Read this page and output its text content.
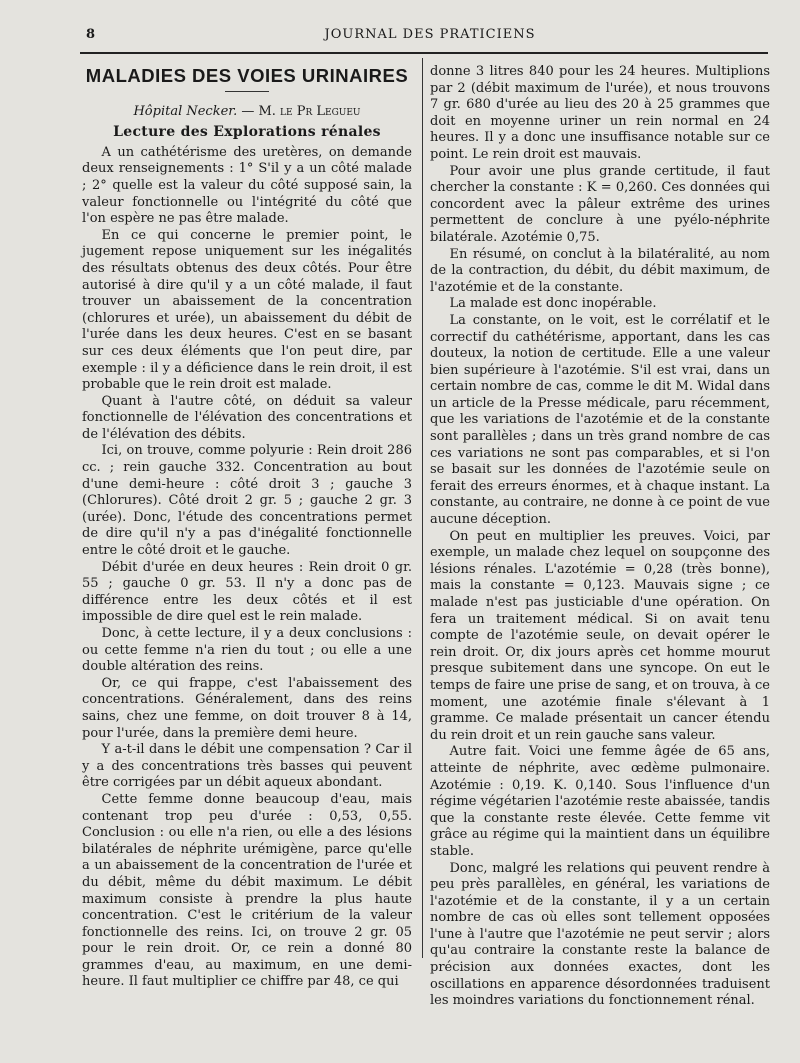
8	JOURNAL DES PRATICIENS
MALADIES DES VOIES URINAIRES
Hôpital Necker. — M. le Pr Legueu
Lecture des Explorations rénales

A un cathétérisme des uretères, on demande deux renseignements : 1° S'il y a un côté malade ; 2° quelle est la valeur du côté supposé sain, la valeur fonctionnelle ou l'intégrité du côté que l'on espère ne pas être malade.

En ce qui concerne le premier point, le jugement repose uniquement sur les inégalités des résultats obtenus des deux côtés. Pour être autorisé à dire qu'il y a un côté malade, il faut trouver un abaissement de la concentration (chlorures et urée), un abaissement du débit de l'urée dans les deux heures. C'est en se basant sur ces deux éléments que l'on peut dire, par exemple : il y a déficience dans le rein droit, il est probable que le rein droit est malade.

Quant à l'autre côté, on déduit sa valeur fonctionnelle de l'élévation des concentrations et de l'élévation des débits.

Ici, on trouve, comme polyurie : Rein droit 286 cc. ; rein gauche 332. Concentration au bout d'une demi-heure : côté droit 3 ; gauche 3 (Chlorures). Côté droit 2 gr. 5 ; gauche 2 gr. 3 (urée). Donc, l'étude des concentrations permet de dire qu'il n'y a pas d'inégalité fonctionnelle entre le côté droit et le gauche.

Débit d'urée en deux heures : Rein droit 0 gr. 55 ; gauche 0 gr. 53. Il n'y a donc pas de différence entre les deux côtés et il est impossible de dire quel est le rein malade.

Donc, à cette lecture, il y a deux conclusions : ou cette femme n'a rien du tout ; ou elle a une double altération des reins.

Or, ce qui frappe, c'est l'abaissement des concentrations. Généralement, dans des reins sains, chez une femme, on doit trouver 8 à 14, pour l'urée, dans la première demi heure.

Y a-t-il dans le débit une compensation ? Car il y a des concentrations très basses qui peuvent être corrigées par un débit aqueux abondant.

Cette femme donne beaucoup d'eau, mais contenant trop peu d'urée : 0,53, 0,55. Conclusion : ou elle n'a rien, ou elle a des lésions bilatérales de néphrite urémigène, parce qu'elle a un abaissement de la concentration de l'urée et du débit, même du débit maximum. Le débit maximum consiste à prendre la plus haute concentration. C'est le critérium de la valeur fonctionnelle des reins. Ici, on trouve 2 gr. 05 pour le rein droit. Or, ce rein a donné 80 grammes d'eau, au maximum, en une demi-heure. Il faut multiplier ce chiffre par 48, ce qui

donne 3 litres 840 pour les 24 heures. Multiplions par 2 (débit maximum de l'urée), et nous trouvons 7 gr. 680 d'urée au lieu des 20 à 25 grammes que doit en moyenne uriner un rein normal en 24 heures. Il y a donc une insuffisance notable sur ce point. Le rein droit est mauvais.

Pour avoir une plus grande certitude, il faut chercher la constante : K = 0,260. Ces données qui concordent avec la pâleur extrême des urines permettent de conclure à une pyélo-néphrite bilatérale. Azotémie 0,75.

En résumé, on conclut à la bilatéralité, au nom de la contraction, du débit, du débit maximum, de l'azotémie et de la constante.

La malade est donc inopérable.

La constante, on le voit, est le corrélatif et le correctif du cathétérisme, apportant, dans les cas douteux, la notion de certitude. Elle a une valeur bien supérieure à l'azotémie. S'il est vrai, dans un certain nombre de cas, comme le dit M. Widal dans un article de la Presse médicale, paru récemment, que les variations de l'azotémie et de la constante sont parallèles ; dans un très grand nombre de cas ces variations ne sont pas comparables, et si l'on se basait sur les données de l'azotémie seule on ferait des erreurs énormes, et à chaque instant. La constante, au contraire, ne donne à ce point de vue aucune déception.

On peut en multiplier les preuves. Voici, par exemple, un malade chez lequel on soupçonne des lésions rénales. L'azotémie = 0,28 (très bonne), mais la constante = 0,123. Mauvais signe ; ce malade n'est pas justiciable d'une opération. On fera un traitement médical. Si on avait tenu compte de l'azotémie seule, on devait opérer le rein droit. Or, dix jours après cet homme mourut presque subitement dans une syncope. On eut le temps de faire une prise de sang, et on trouva, à ce moment, une azotémie finale s'élevant à 1 gramme. Ce malade présentait un cancer étendu du rein droit et un rein gauche sans valeur.

Autre fait. Voici une femme âgée de 65 ans, atteinte de néphrite, avec œdème pulmonaire. Azotémie : 0,19. K. 0,140. Sous l'influence d'un régime végétarien l'azotémie reste abaissée, tandis que la constante reste élevée. Cette femme vit grâce au régime qui la maintient dans un équilibre stable.

Donc, malgré les relations qui peuvent rendre à peu près parallèles, en général, les variations de l'azotémie et de la constante, il y a un certain nombre de cas où elles sont tellement opposées l'une à l'autre que l'azotémie ne peut servir ; alors qu'au contraire la constante reste la balance de précision aux données exactes, dont les oscillations en apparence désordonnées traduisent les moindres variations du fonctionnement rénal.
